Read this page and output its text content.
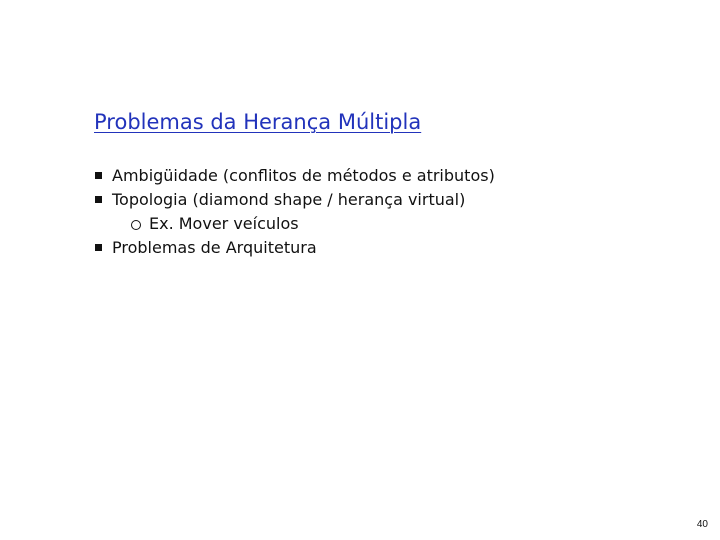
Problemas da Herança Múltipla
Ambigüidade (conflitos de métodos e atributos)
Topologia (diamond shape / herança virtual)
Ex. Mover veículos
Problemas de Arquitetura
40
